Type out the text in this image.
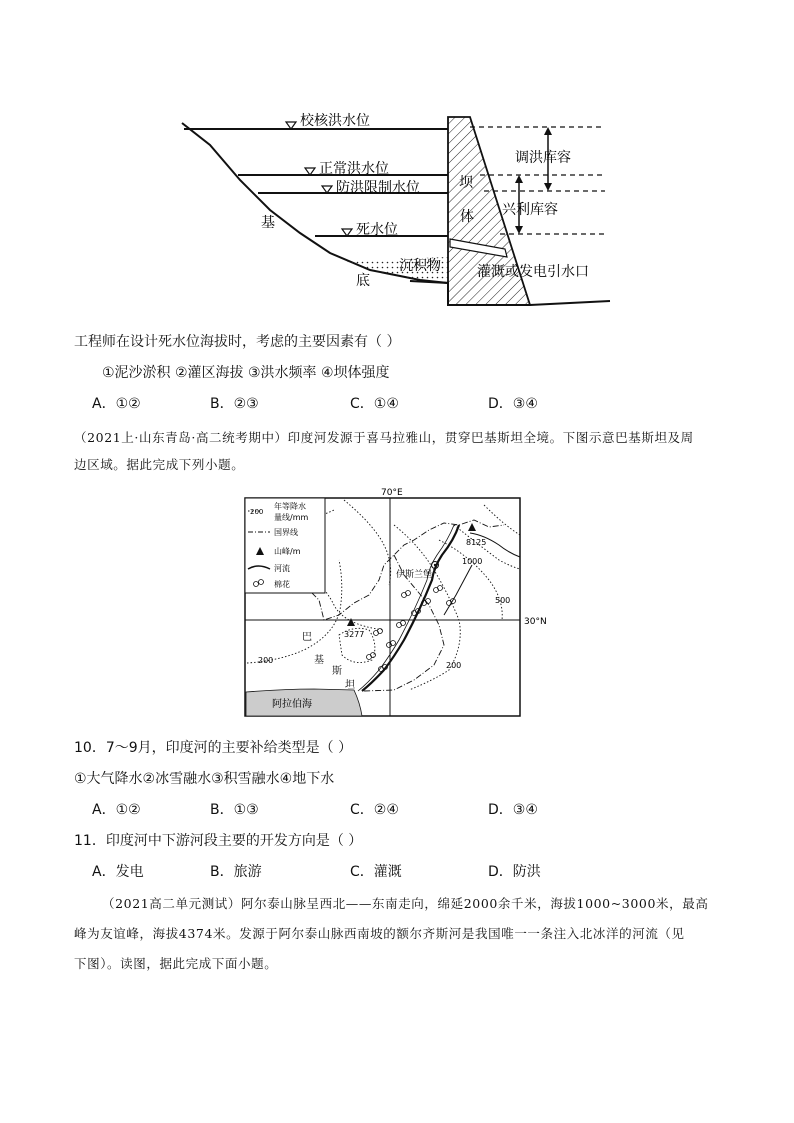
校核洪水位
正常洪水位
防洪限制水位
死水位
沉积物
基
底
坝
体
调洪库容
兴利库容
灌溉或发电引水口
工程师在设计死水位海拔时，考虑的主要因素有（ ）
①泥沙淤积 ②灌区海拔 ③洪水频率 ④坝体强度
A．①②	B．②③	C．①④	D．③④
（2021上·山东青岛·高二统考期中）印度河发源于喜马拉雅山，贯穿巴基斯坦全境。下图示意巴基斯坦及周
边区域。据此完成下列小题。
70°E
30°N
阿拉伯海
8125
3277
1000
500
200
200
伊斯兰堡
巴
基
斯
坦
200
年等降水
量线/mm
国界线
山峰/m
河流
棉花
10．7～9月，印度河的主要补给类型是（ ）
①大气降水②冰雪融水③积雪融水④地下水
A．①②	B．①③	C．②④	D．③④
11．印度河中下游河段主要的开发方向是（ ）
A．发电	B．旅游	C．灌溉	D．防洪
（2021高二单元测试）阿尔泰山脉呈西北——东南走向，绵延2000余千米，海拔1000~3000米，最高
峰为友谊峰，海拔4374米。发源于阿尔泰山脉西南坡的额尔齐斯河是我国唯一一条注入北冰洋的河流（见
下图）。读图，据此完成下面小题。
